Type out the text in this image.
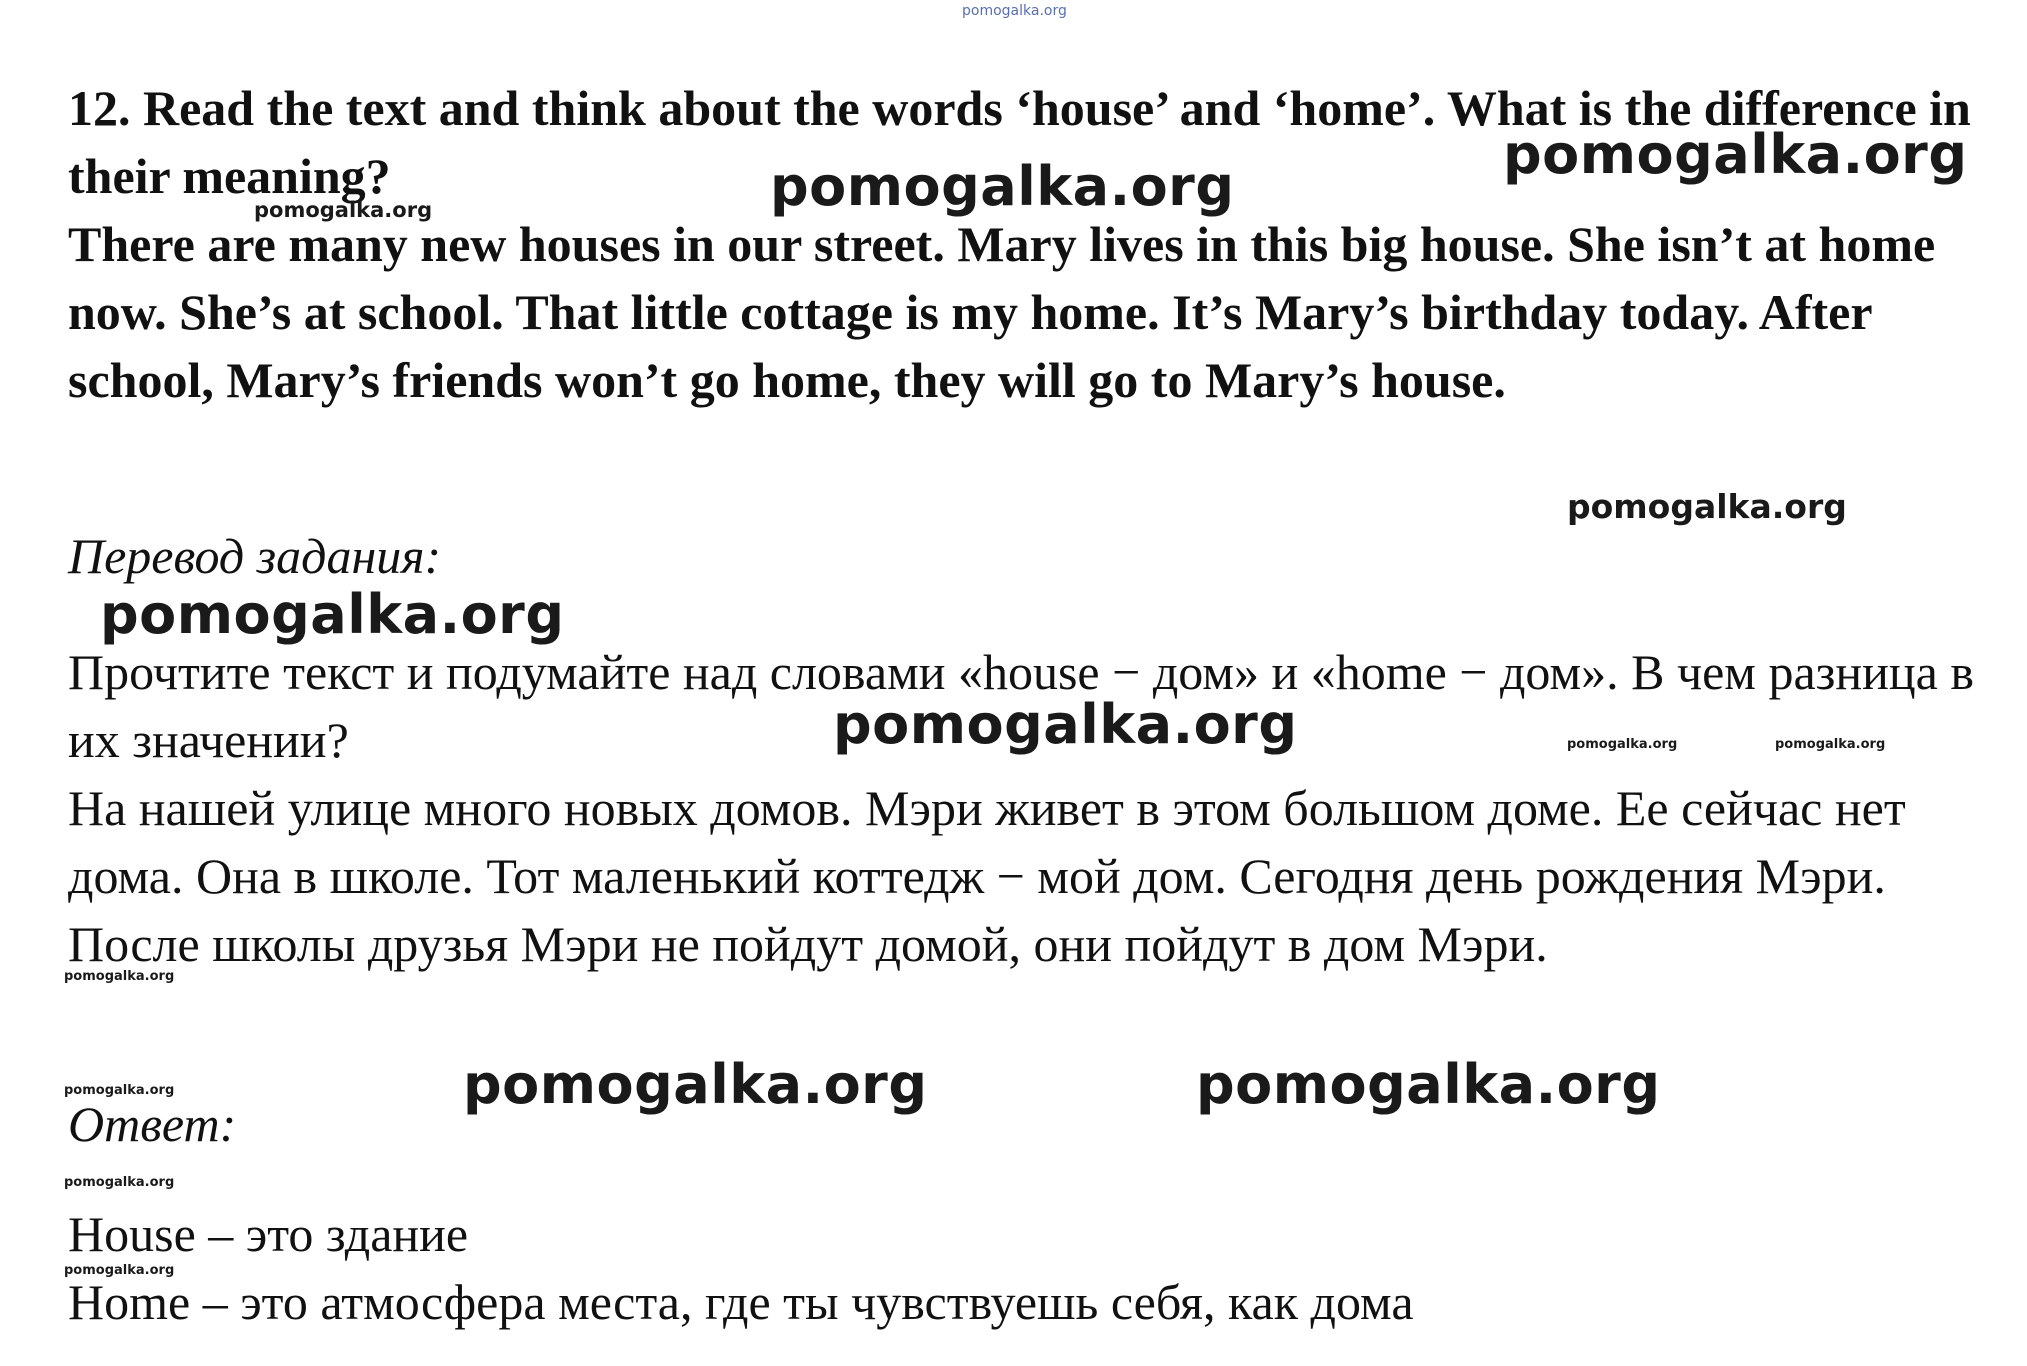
12. Read the text and think about the words ‘house’ and ‘home’. What is the difference in their meaning?

There are many new houses in our street. Mary lives in this big house. She isn’t at home now. She’s at school. That little cottage is my home. It’s Mary’s birthday today. After school, Mary’s friends won’t go home, they will go to Mary’s house.

Перевод задания:

Прочтите текст и подумайте над словами «house − дом» и «home − дом». В чем разница в их значении?

На нашей улице много новых домов. Мэри живет в этом большом доме. Ее сейчас нет дома. Она в школе. Тот маленький коттедж − мой дом. Сегодня день рождения Мэри. После школы друзья Мэри не пойдут домой, они пойдут в дом Мэри.

Ответ:

House – это здание

Home – это атмосфера места, где ты чувствуешь себя, как дома

pomogalka.org
pomogalka.org
pomogalka.org
pomogalka.org
pomogalka.org
pomogalka.org
pomogalka.org	pomogalka.org	pomogalka.org
pomogalka.org
pomogalka.org	pomogalka.org
pomogalka.org
pomogalka.org
pomogalka.org
